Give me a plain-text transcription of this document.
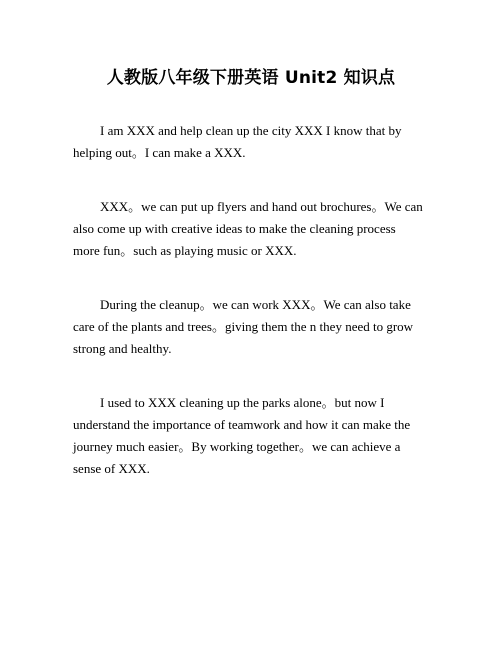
人教版八年级下册英语 Unit2 知识点

I am XXX and help clean up the city XXX I know that by
helping out。I can make a XXX.

XXX。we can put up flyers and hand out brochures。We can
also come up with creative ideas to make the cleaning process
more fun。such as playing music or XXX.

During the cleanup。we can work XXX。We can also take
care of the plants and trees。giving them the n they need to grow
strong and healthy.

I used to XXX cleaning up the parks alone。but now I
understand the importance of teamwork and how it can make the
journey much easier。By working together。we can achieve a
sense of XXX.
